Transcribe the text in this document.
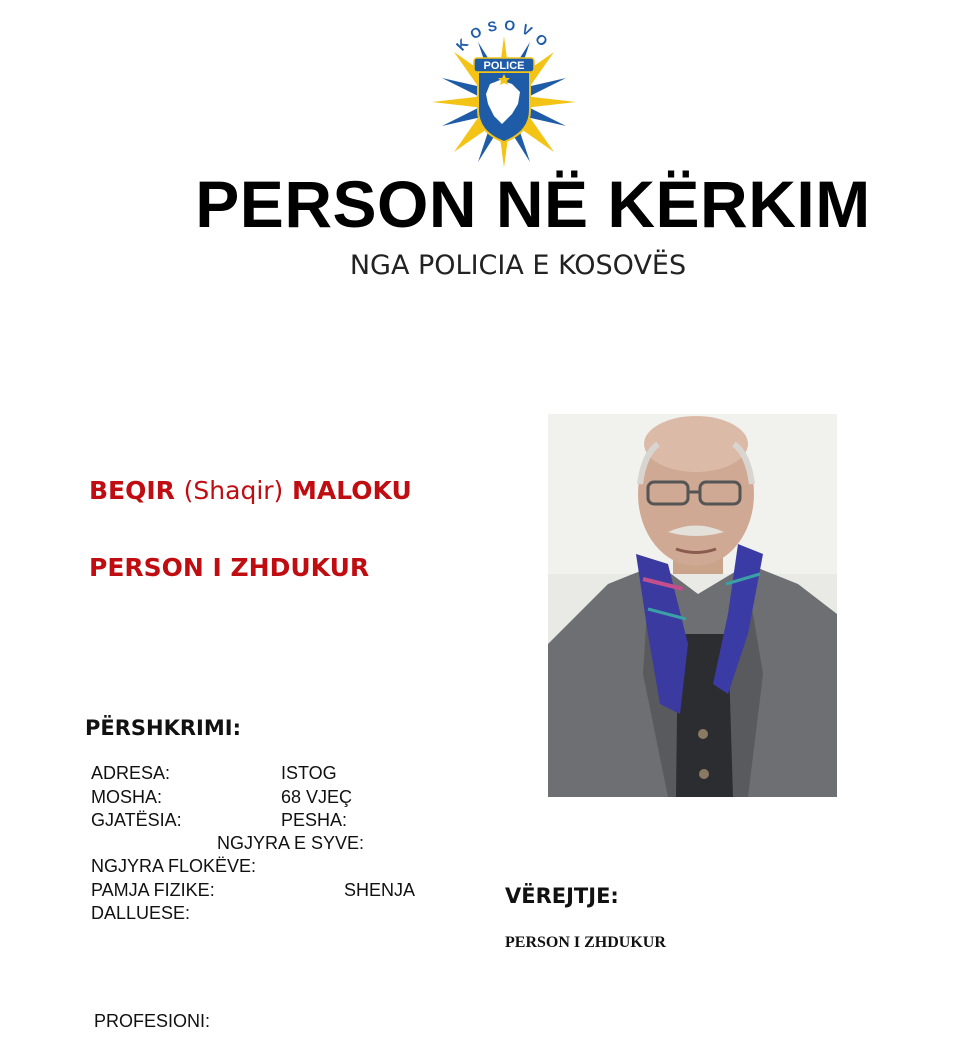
POLICE
KOSOVO
PERSON NË KËRKIM
NGA POLICIA E KOSOVËS
BEQIR (Shaqir) MALOKU
PERSON I ZHDUKUR
PËRSHKRIMI:
ADRESA:	ISTOG
MOSHA:	68 VJEÇ
GJATËSIA:	PESHA:
NGJYRA E SYVE:
NGJYRA FLOKËVE:
PAMJA FIZIKE:	SHENJA
DALLUESE:
PROFESIONI:
VËREJTJE:
PERSON I ZHDUKUR
